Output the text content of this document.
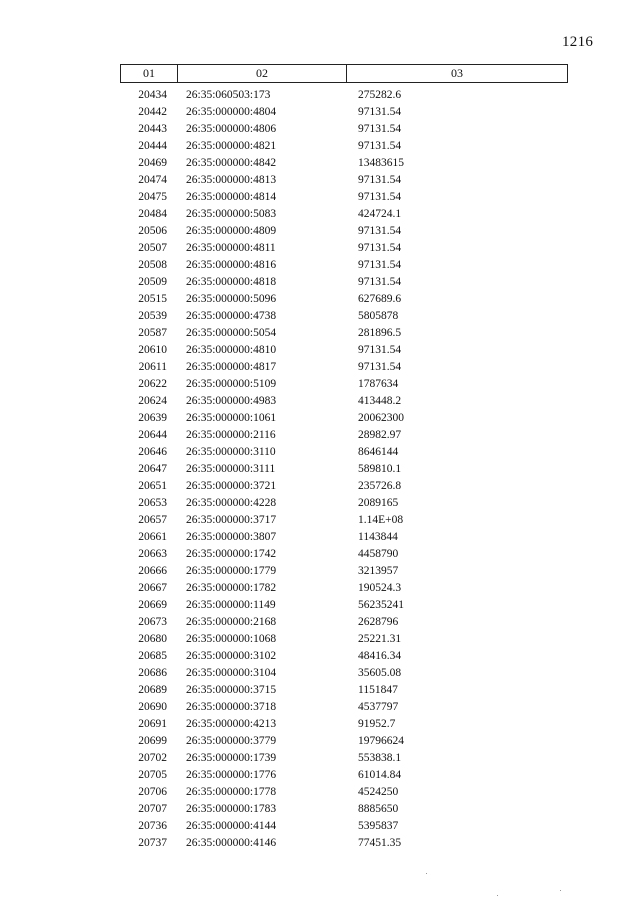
1216
01	02	03
20434	26:35:060503:173	275282.6
20442	26:35:000000:4804	97131.54
20443	26:35:000000:4806	97131.54
20444	26:35:000000:4821	97131.54
20469	26:35:000000:4842	13483615
20474	26:35:000000:4813	97131.54
20475	26:35:000000:4814	97131.54
20484	26:35:000000:5083	424724.1
20506	26:35:000000:4809	97131.54
20507	26:35:000000:4811	97131.54
20508	26:35:000000:4816	97131.54
20509	26:35:000000:4818	97131.54
20515	26:35:000000:5096	627689.6
20539	26:35:000000:4738	5805878
20587	26:35:000000:5054	281896.5
20610	26:35:000000:4810	97131.54
20611	26:35:000000:4817	97131.54
20622	26:35:000000:5109	1787634
20624	26:35:000000:4983	413448.2
20639	26:35:000000:1061	20062300
20644	26:35:000000:2116	28982.97
20646	26:35:000000:3110	8646144
20647	26:35:000000:3111	589810.1
20651	26:35:000000:3721	235726.8
20653	26:35:000000:4228	2089165
20657	26:35:000000:3717	1.14E+08
20661	26:35:000000:3807	1143844
20663	26:35:000000:1742	4458790
20666	26:35:000000:1779	3213957
20667	26:35:000000:1782	190524.3
20669	26:35:000000:1149	56235241
20673	26:35:000000:2168	2628796
20680	26:35:000000:1068	25221.31
20685	26:35:000000:3102	48416.34
20686	26:35:000000:3104	35605.08
20689	26:35:000000:3715	1151847
20690	26:35:000000:3718	4537797
20691	26:35:000000:4213	91952.7
20699	26:35:000000:3779	19796624
20702	26:35:000000:1739	553838.1
20705	26:35:000000:1776	61014.84
20706	26:35:000000:1778	4524250
20707	26:35:000000:1783	8885650
20736	26:35:000000:4144	5395837
20737	26:35:000000:4146	77451.35
